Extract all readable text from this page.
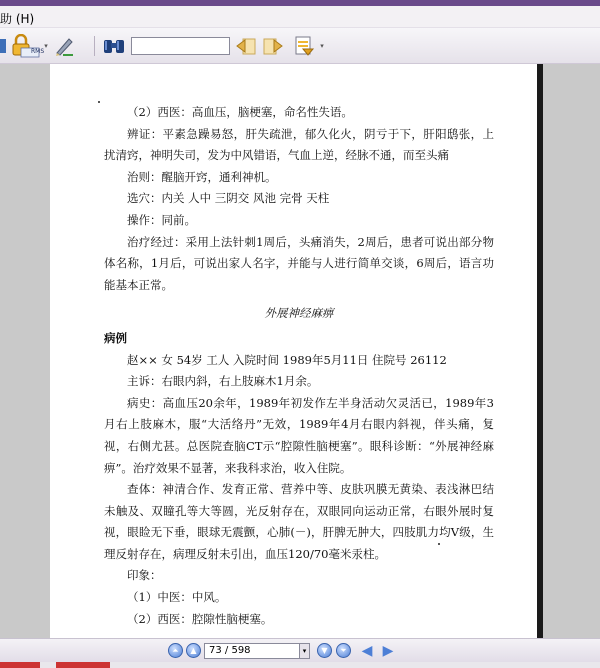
助 (H)
RMS
▾	▾

（2）西医：高血压，脑梗塞，命名性失语。

辨证：平素急躁易怒，肝失疏泄，郁久化火，阴亏于下，肝阳鸱张，上扰清窍，神明失司，发为中风错语，气血上逆，经脉不通，而至头痛

治则：醒脑开窍，通利神机。

选穴：内关 人中 三阴交 风池 完骨 天柱

操作：同前。

治疗经过：采用上法针刺1周后，头痛消失，2周后，患者可说出部分物体名称，1月后，可说出家人名字，并能与人进行简单交谈，6周后，语言功能基本正常。

外展神经麻痹

病例

赵×× 女 54岁 工人 入院时间 1989年5月11日 住院号 26112

主诉：右眼内斜，右上肢麻木1月余。

病史：高血压20余年，1989年初发作左半身活动欠灵活已，1989年3月右上肢麻木，服“大活络丹”无效，1989年4月右眼内斜视，伴头痛，复视，右侧尤甚。总医院查脑CT示“腔隙性脑梗塞”。眼科诊断：“外展神经麻痹”。治疗效果不显著，来我科求治，收入住院。

查体：神清合作、发育正常、营养中等、皮肤巩膜无黄染、表浅淋巴结未触及、双瞳孔等大等圆，光反射存在，双眼同向运动正常，右眼外展时复视，眼睑无下垂，眼球无震颤，心肺(－)，肝脾无肿大，四肢肌力均V级，生理反射存在，病理反射未引出，血压120/70毫米汞柱。

印象：

（1）中医：中风。

（2）西医：腔隙性脑梗塞。

⏶ ▲	73 / 598	▾	▼ ⏷ ◀ ▶
